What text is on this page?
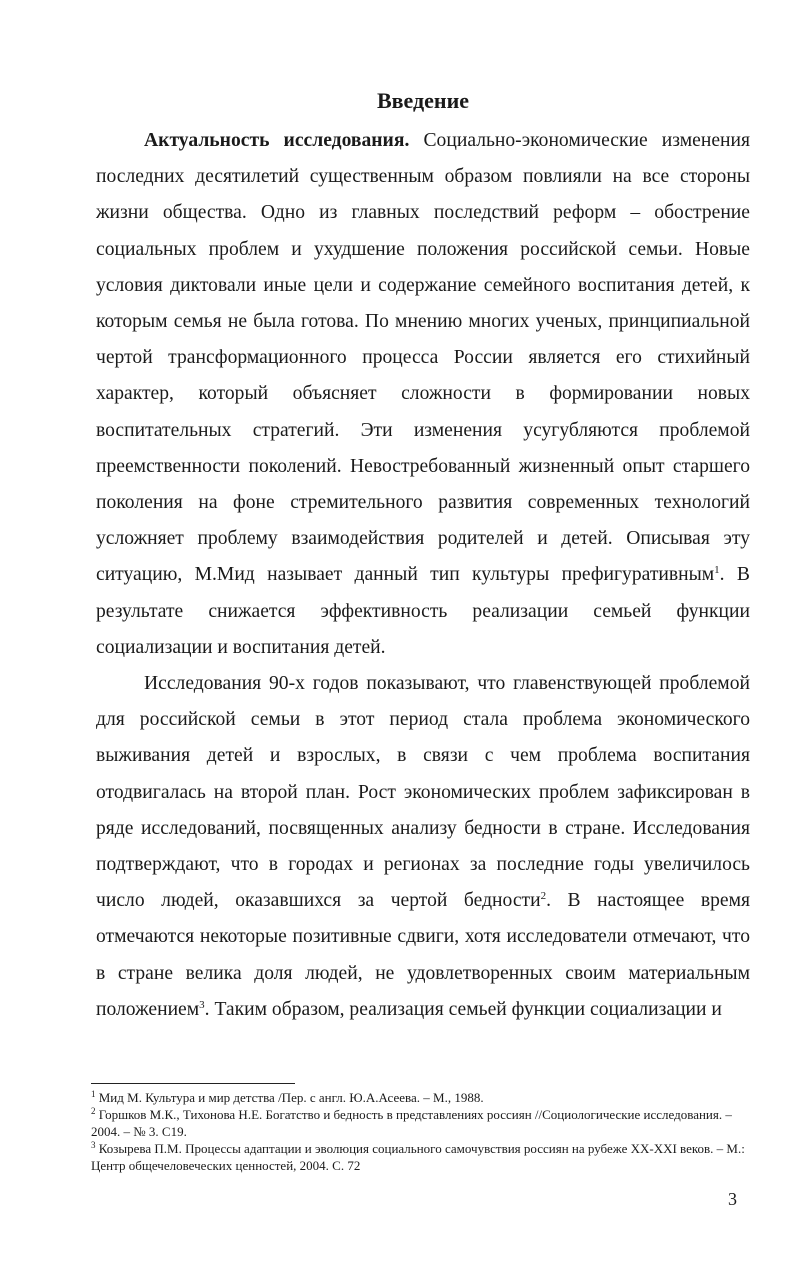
Введение

Актуальность исследования. Социально-экономические изменения последних десятилетий существенным образом повлияли на все стороны жизни общества. Одно из главных последствий реформ – обострение социальных проблем и ухудшение положения российской семьи. Новые условия диктовали иные цели и содержание семейного воспитания детей, к которым семья не была готова. По мнению многих ученых, принципиальной чертой трансформационного процесса России является его стихийный характер, который объясняет сложности в формировании новых воспитательных стратегий. Эти изменения усугубляются проблемой преемственности поколений. Невостребованный жизненный опыт старшего поколения на фоне стремительного развития современных технологий усложняет проблему взаимодействия родителей и детей. Описывая эту ситуацию, М.Мид называет данный тип культуры префигуративным$^1$. В результате снижается эффективность реализации семьей функции социализации и воспитания детей.

Исследования 90-х годов показывают, что главенствующей проблемой для российской семьи в этот период стала проблема экономического выживания детей и взрослых, в связи с чем проблема воспитания отодвигалась на второй план. Рост экономических проблем зафиксирован в ряде исследований, посвященных анализу бедности в стране. Исследования подтверждают, что в городах и регионах за последние годы увеличилось число людей, оказавшихся за чертой бедности$^2$. В настоящее время отмечаются некоторые позитивные сдвиги, хотя исследователи отмечают, что в стране велика доля людей, не удовлетворенных своим материальным положением$^3$. Таким образом, реализация семьей функции социализации и

$^1$ Мид М. Культура и мир детства /Пер. с англ. Ю.А.Асеева. – М., 1988.

$^2$ Горшков М.К., Тихонова Н.Е. Богатство и бедность в представлениях россиян //Социологические исследования. – 2004. – № 3. С19.

$^3$ Козырева П.М. Процессы адаптации и эволюция социального самочувствия россиян на рубеже XX-XXI веков. – М.: Центр общечеловеческих ценностей, 2004. С. 72

3
